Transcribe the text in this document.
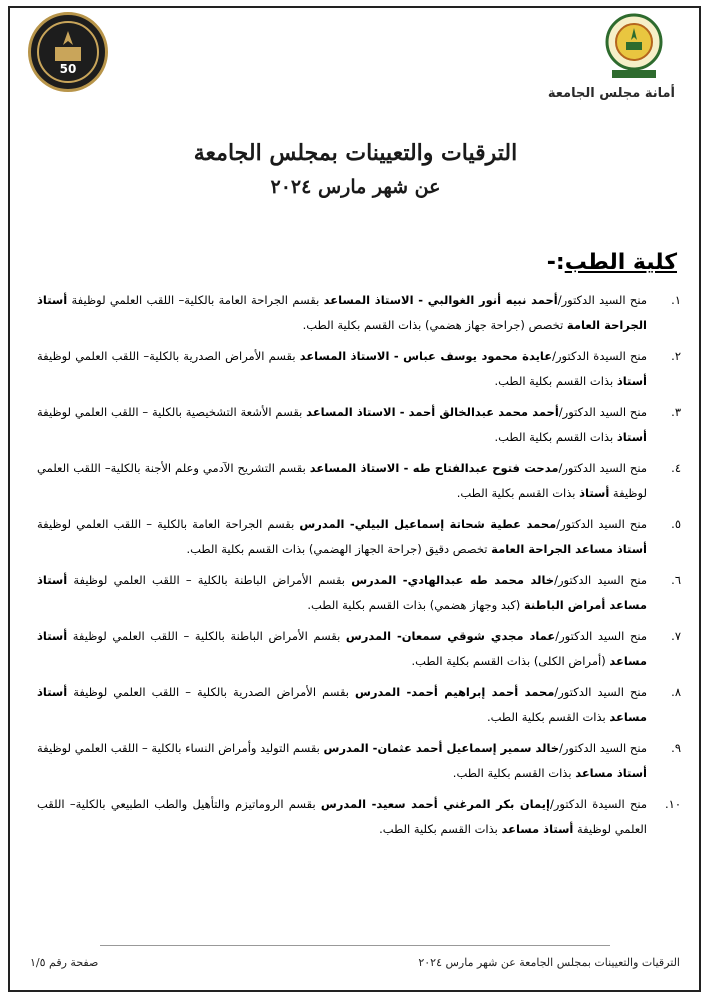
50
أمانة مجلس الجامعة
الترقيات والتعيينات بمجلس الجامعة
عن شهر مارس ٢٠٢٤
كلية الطب:-
١.
منح السيد الدكتور/أحمد نبيه أنور الغوالبي - الاستاذ المساعد بقسم الجراحة العامة بالكلية– اللقب العلمي لوظيفة أستاذ الجراحة العامة تخصص (جراحة جهاز هضمي) بذات القسم بكلية الطب.
٢.
منح السيدة الدكتور/عايدة محمود يوسف عباس - الاستاذ المساعد بقسم الأمراض الصدرية بالكلية– اللقب العلمي لوظيفة أستاذ بذات القسم بكلية الطب.
٣.
منح السيد الدكتور/أحمد محمد عبدالخالق أحمد - الاستاذ المساعد بقسم الأشعة التشخيصية بالكلية – اللقب العلمي لوظيفة أستاذ بذات القسم بكلية الطب.
٤.
منح السيد الدكتور/مدحت فتوح عبدالفتاح طه - الاستاذ المساعد بقسم التشريح الآدمي وعلم الأجنة بالكلية– اللقب العلمي لوظيفة أستاذ بذات القسم بكلية الطب.
٥.
منح السيد الدكتور/محمد عطية شحاتة إسماعيل البيلي- المدرس بقسم الجراحة العامة بالكلية – اللقب العلمي لوظيفة أستاذ مساعد الجراحة العامة تخصص دقيق (جراحة الجهاز الهضمي) بذات القسم بكلية الطب.
٦.
منح السيد الدكتور/خالد محمد طه عبدالهادي- المدرس بقسم الأمراض الباطنة بالكلية – اللقب العلمي لوظيفة أستاذ مساعد أمراض الباطنة (كبد وجهاز هضمي) بذات القسم بكلية الطب.
٧.
منح السيد الدكتور/عماد مجدي شوقي سمعان- المدرس بقسم الأمراض الباطنة بالكلية – اللقب العلمي لوظيفة أستاذ مساعد (أمراض الكلى) بذات القسم بكلية الطب.
٨.
منح السيد الدكتور/محمد أحمد إبراهيم أحمد- المدرس بقسم الأمراض الصدرية بالكلية – اللقب العلمي لوظيفة أستاذ مساعد بذات القسم بكلية الطب.
٩.
منح السيد الدكتور/خالد سمير إسماعيل أحمد عثمان- المدرس بقسم التوليد وأمراض النساء بالكلية – اللقب العلمي لوظيفة أستاذ مساعد بذات القسم بكلية الطب.
١٠.
منح السيدة الدكتور/إيمان بكر المرغني أحمد سعيد- المدرس بقسم الروماتيزم والتأهيل والطب الطبيعي بالكلية– اللقب العلمي لوظيفة أستاذ مساعد بذات القسم بكلية الطب.
الترقيات والتعيينات بمجلس الجامعة عن شهر مارس ٢٠٢٤
صفحة رقم ١/٥
